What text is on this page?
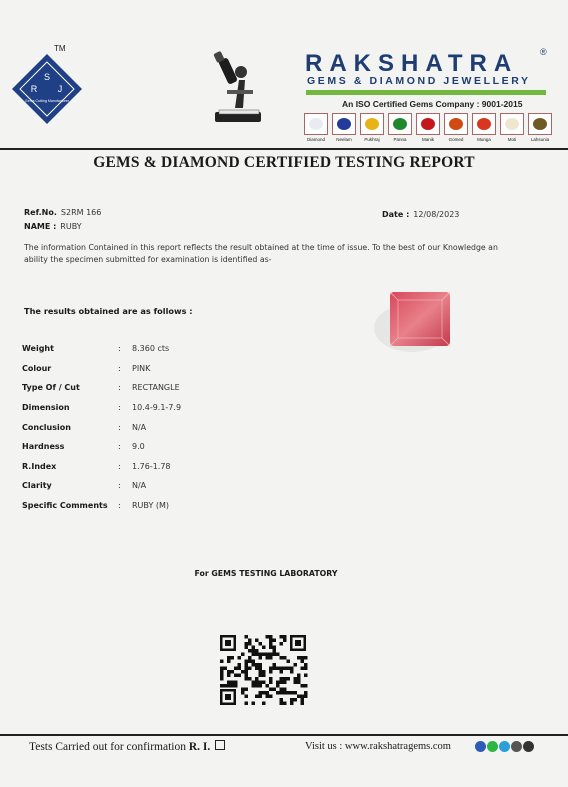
TM
S
R J
Gems Cutting Manufacturer
RAKSHATRA ®
GEMS & DIAMOND JEWELLERY
An ISO Certified Gems Company : 9001-2015
Diamond Neelam	Pukhraj	Panna	Manik	Gomed	Munga	Moti	Lahsunia
GEMS & DIAMOND CERTIFIED TESTING REPORT
Ref.No. S2RM 166
NAME : RUBY
Date : 12/08/2023
The information Contained in this report reflects the result obtained at the time of issue. To the best of our Knowledge an ability the specimen submitted for examination is identified as-
The results obtained are as follows :
Weight	:	8.360 cts
Colour	:	PINK
Type Of / Cut	:	RECTANGLE
Dimension	:	10.4-9.1-7.9
Conclusion	:	N/A
Hardness	:	9.0
R.Index	:	1.76-1.78
Clarity	:	N/A
Specific Comments	:	RUBY (M)
For GEMS TESTING LABORATORY
Tests Carried out for confirmation R. I.	Visit us : www.rakshatragems.com
